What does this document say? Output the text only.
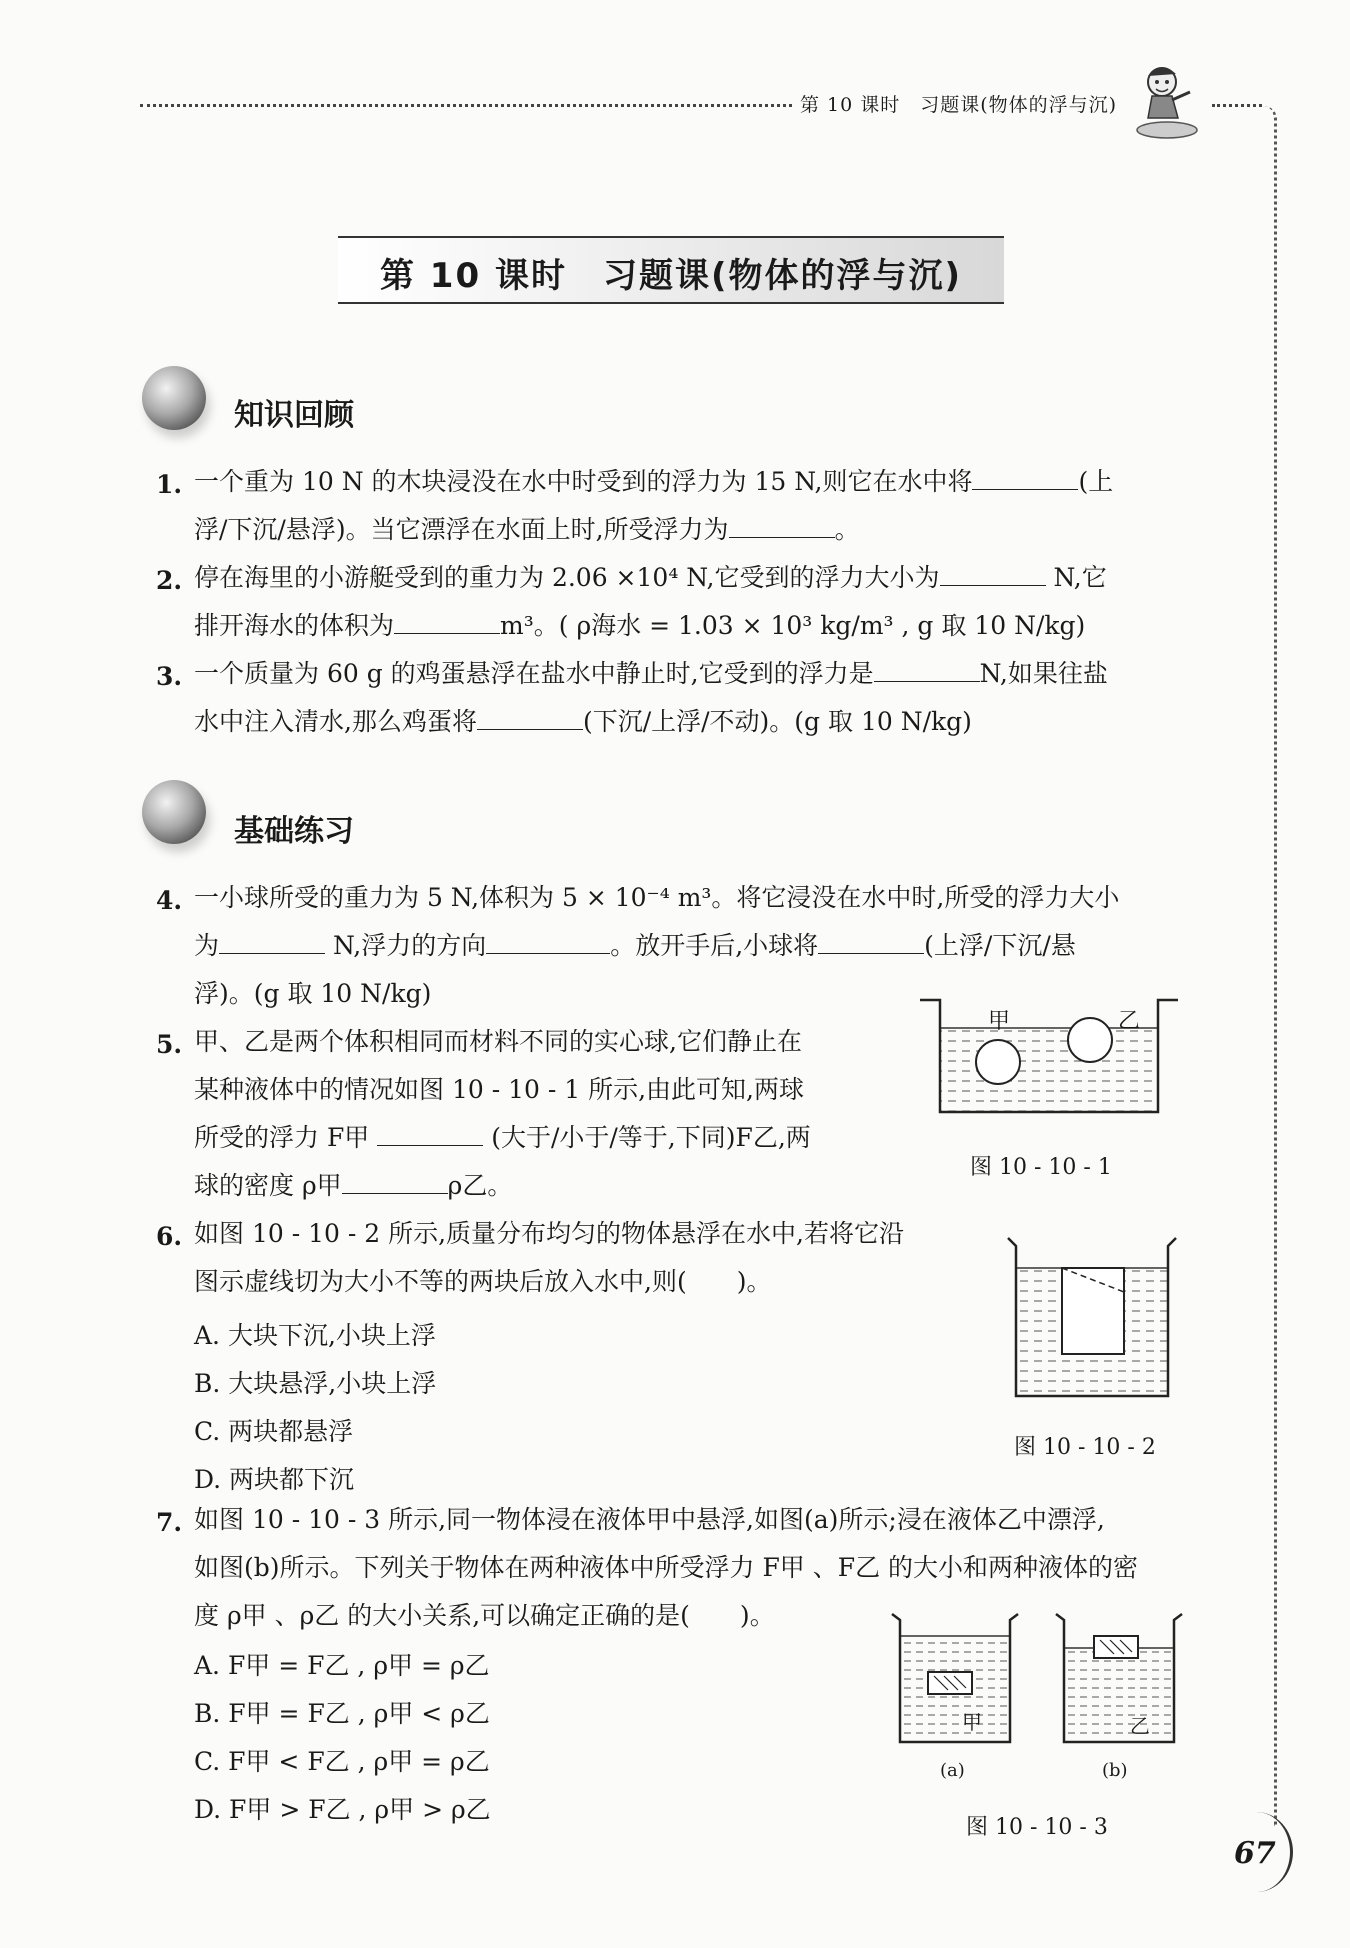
第 10 课时　习题课(物体的浮与沉)
第 10 课时　习题课(物体的浮与沉)
知识回顾
1. 一个重为 10 N 的木块浸没在水中时受到的浮力为 15 N,则它在水中将	(上
浮/下沉/悬浮)。当它漂浮在水面上时,所受浮力为	。
2. 停在海里的小游艇受到的重力为 2.06 ×10⁴ N,它受到的浮力大小为	N,它
排开海水的体积为	m³。( ρ海水 = 1.03 × 10³ kg/m³ , g 取 10 N/kg)
3. 一个质量为 60 g 的鸡蛋悬浮在盐水中静止时,它受到的浮力是	N,如果往盐
水中注入清水,那么鸡蛋将	(下沉/上浮/不动)。(g 取 10 N/kg)
基础练习
4. 一小球所受的重力为 5 N,体积为 5 × 10⁻⁴ m³。将它浸没在水中时,所受的浮力大小
为	N,浮力的方向	。放开手后,小球将	(上浮/下沉/悬
浮)。(g 取 10 N/kg)
5. 甲、乙是两个体积相同而材料不同的实心球,它们静止在
某种液体中的情况如图 10 - 10 - 1 所示,由此可知,两球
所受的浮力 F甲	(大于/小于/等于,下同)F乙,两
球的密度 ρ甲	ρ乙。
甲	乙
图 10 - 10 - 1
6. 如图 10 - 10 - 2 所示,质量分布均匀的物体悬浮在水中,若将它沿
图示虚线切为大小不等的两块后放入水中,则(　　)。
A. 大块下沉,小块上浮
B. 大块悬浮,小块上浮
C. 两块都悬浮
D. 两块都下沉
图 10 - 10 - 2
7. 如图 10 - 10 - 3 所示,同一物体浸在液体甲中悬浮,如图(a)所示;浸在液体乙中漂浮,
如图(b)所示。下列关于物体在两种液体中所受浮力 F甲 、F乙 的大小和两种液体的密
度 ρ甲 、ρ乙 的大小关系,可以确定正确的是(　　)。
A. F甲 = F乙 , ρ甲 = ρ乙
B. F甲 = F乙 , ρ甲 < ρ乙
C. F甲 < F乙 , ρ甲 = ρ乙
D. F甲 > F乙 , ρ甲 > ρ乙
甲
(a)
乙
(b)
图 10 - 10 - 3
67
